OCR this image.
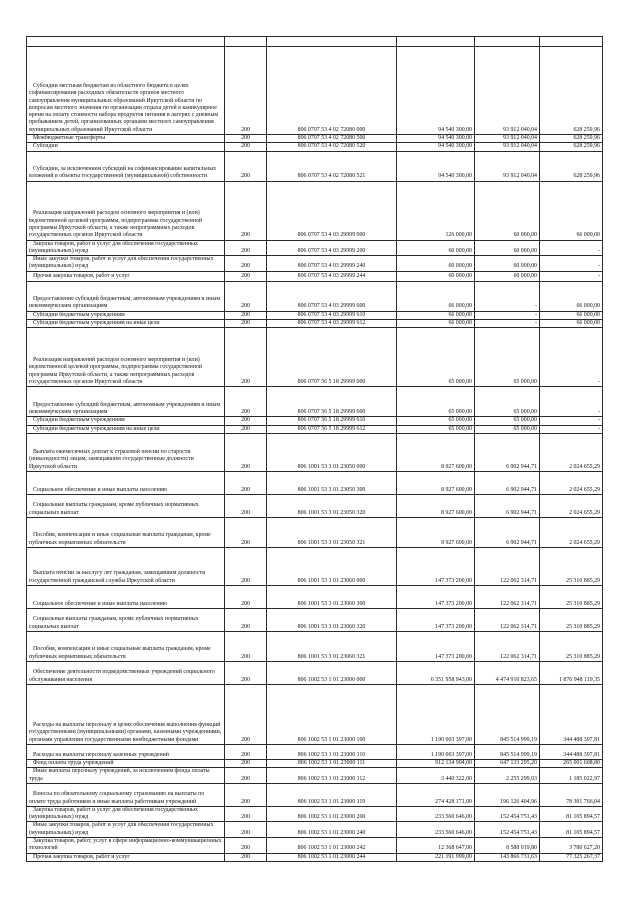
Субсидии местным бюджетам из областного бюджета в целях софинансирования расходных обязательств органов местного самоуправления муниципальных образований Иркутской области по вопросам местного значения по организации отдыха детей в каникулярное время на оплату стоимости набора продуктов питания в лагерях с дневным пребыванием детей, организованных органами местного самоуправления муниципальных образований Иркутской области	200	806 0707 53 4 02 72080 000	94 540 300,00	93 912 040,04	628 259,96
Межбюджетные трансферты	200	806 0707 53 4 02 72080 500	94 540 300,00	93 912 040,04	628 259,96
Субсидии	200	806 0707 53 4 02 72080 520	94 540 300,00	93 912 040,04	628 259,96
Субсидии, за исключением субсидий на софинансирование капитальных вложений в объекты государственной (муниципальной) собственности	200	806 0707 53 4 02 72080 521	94 540 300,00	93 912 040,04	628 259,96
Реализация направлений расходов основного мероприятия и (или) ведомственной целевой программы, подпрограммы государственной программы Иркутской области, а также непрограммных расходов государственных органов Иркутской области	200	806 0707 53 4 03 29999 000	126 000,00	60 000,00	66 000,00
Закупка товаров, работ и услуг для обеспечения государственных (муниципальных) нужд	200	806 0707 53 4 03 29999 200	60 000,00	60 000,00	-
Иные закупки товаров, работ и услуг для обеспечения государственных (муниципальных) нужд	200	806 0707 53 4 03 29999 240	60 000,00	60 000,00	-
Прочая закупка товаров, работ и услуг	200	806 0707 53 4 03 29999 244	60 000,00	60 000,00	-
Предоставление субсидий бюджетным, автономным учреждениям и иным некоммерческим организациям	200	806 0707 53 4 03 29999 600	66 000,00	-	66 000,00
Субсидии бюджетным учреждениям	200	806 0707 53 4 03 29999 610	66 000,00	-	66 000,00
Субсидии бюджетным учреждениям на иные цели	200	806 0707 53 4 03 29999 612	66 000,00	-	66 000,00
Реализация направлений расходов основного мероприятия и (или) ведомственной целевой программы, подпрограммы государственной программы Иркутской области, а также непрограммных расходов государственных органов Иркутской области	200	806 0707 56 5 18 29999 000	65 000,00	65 000,00	-
Предоставление субсидий бюджетным, автономным учреждениям и иным некоммерческим организациям	200	806 0707 56 5 18 29999 600	65 000,00	65 000,00	-
Субсидии бюджетным учреждениям	200	806 0707 56 5 18 29999 610	65 000,00	65 000,00	-
Субсидии бюджетным учреждениям на иные цели	200	806 0707 56 5 18 29999 612	65 000,00	65 000,00	-
Выплата ежемесячных доплат к страховой пенсии по старости (инвалидности) лицам, замещавшим государственные должности Иркутской области	200	806 1001 53 3 01 23050 000	8 927 600,00	6 902 944,71	2 024 655,29
Социальное обеспечение и иные выплаты населению	200	806 1001 53 3 01 23050 300	8 927 600,00	6 902 944,71	2 024 655,29
Социальные выплаты гражданам, кроме публичных нормативных социальных выплат	200	806 1001 53 3 01 23050 320	8 927 600,00	6 902 944,71	2 024 655,29
Пособия, компенсации и иные социальные выплаты гражданам, кроме публичных нормативных обязательств	200	806 1001 53 3 01 23050 321	8 927 600,00	6 902 944,71	2 024 655,29
Выплата пенсии за выслугу лет гражданам, замещавшим должности государственной гражданской службы Иркутской области	200	806 1001 53 3 01 23060 000	147 373 200,00	122 062 314,71	25 310 885,29
Социальное обеспечение и иные выплаты населению	200	806 1001 53 3 01 23060 300	147 373 200,00	122 062 314,71	25 310 885,29
Социальные выплаты гражданам, кроме публичных нормативных социальных выплат	200	806 1001 53 3 01 23060 320	147 373 200,00	122 062 314,71	25 310 885,29
Пособия, компенсации и иные социальные выплаты гражданам, кроме публичных нормативных обязательств	200	806 1001 53 3 01 23060 321	147 373 200,00	122 062 314,71	25 310 885,29
Обеспечение деятельности подведомственных учреждений социального обслуживания населения	200	806 1002 53 1 01 23000 000	6 351 958 943,00	4 474 910 823,65	1 876 948 119,35
Расходы на выплаты персоналу в целях обеспечения выполнения функций государственными (муниципальными) органами, казенными учреждениями, органами управления государственными внебюджетными фондами	200	806 1002 53 1 01 23000 100	1 190 003 397,00	845 514 999,19	344 488 397,81
Расходы на выплаты персоналу казенных учреждений	200	806 1002 53 1 01 23000 110	1 190 003 397,00	845 514 999,19	344 488 397,81
Фонд оплаты труда учреждений	200	806 1002 53 1 01 23000 111	912 134 904,00	647 133 295,20	265 001 608,80
Иные выплаты персоналу учреждений, за исключением фонда оплаты труда	200	806 1002 53 1 01 23000 112	3 440 322,00	2 255 299,03	1 185 022,97
Взносы по обязательному социальному страхованию на выплаты по оплате труда работников и иные выплаты работникам учреждений	200	806 1002 53 1 01 23000 119	274 428 171,00	196 126 404,96	78 301 766,04
Закупка товаров, работ и услуг для обеспечения государственных (муниципальных) нужд	200	806 1002 53 1 01 23000 200	233 560 646,00	152 454 751,43	81 105 894,57
Иные закупки товаров, работ и услуг для обеспечения государственных (муниципальных) нужд	200	806 1002 53 1 01 23000 240	233 560 646,00	152 454 751,43	81 105 894,57
Закупка товаров, работ, услуг в сфере информационно-коммуникационных технологий	200	806 1002 53 1 01 23000 242	12 368 647,00	8 588 019,80	3 780 627,20
Прочая закупка товаров, работ и услуг	200	806 1002 53 1 01 23000 244	221 191 999,00	143 866 731,63	77 325 267,37
